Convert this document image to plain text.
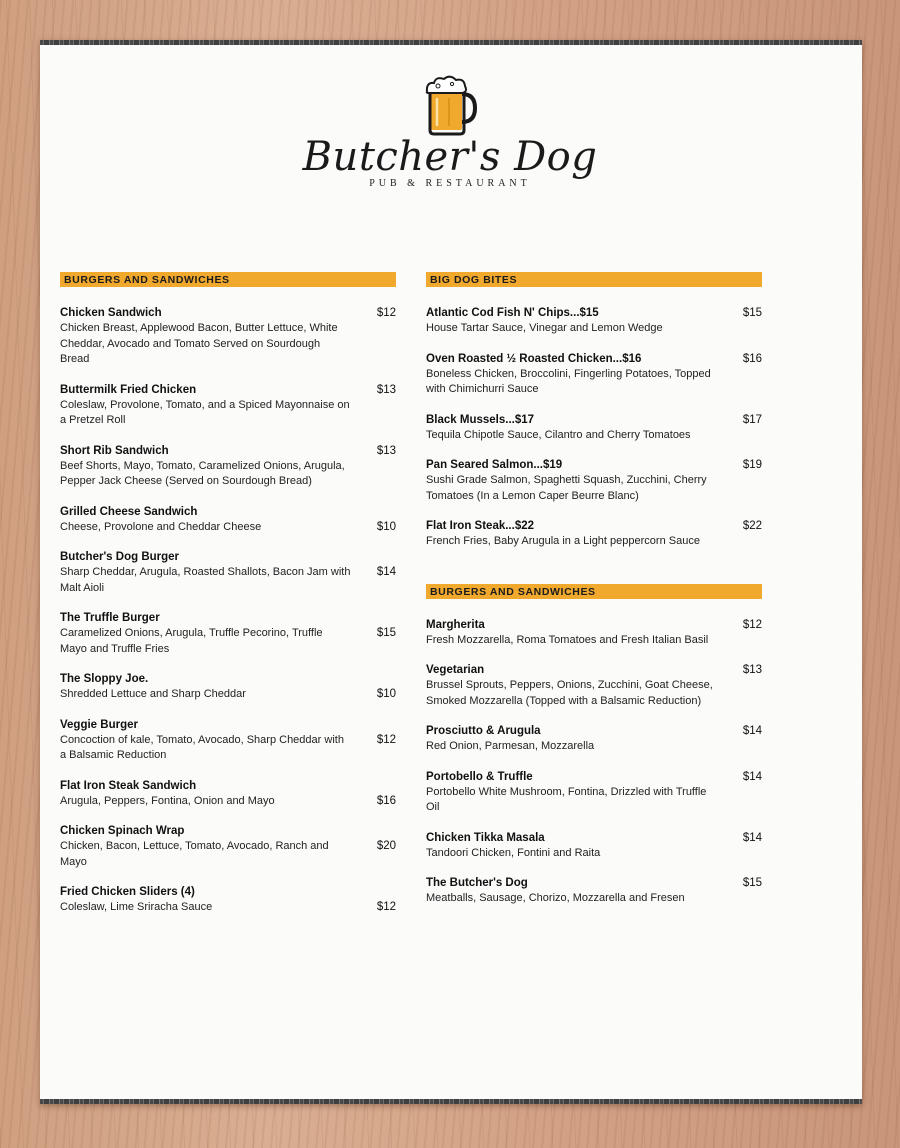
Butcher's Dog
PUB & RESTAURANT
BURGERS AND SANDWICHES
Chicken Sandwich
Chicken Breast, Applewood Bacon, Butter Lettuce, White Cheddar, Avocado and Tomato Served on Sourdough Bread
$12
Buttermilk Fried Chicken
Coleslaw, Provolone, Tomato, and a Spiced Mayonnaise on a Pretzel Roll
$13
Short Rib Sandwich
Beef Shorts, Mayo, Tomato, Caramelized Onions, Arugula, Pepper Jack Cheese (Served on Sourdough Bread)
$13
Grilled Cheese Sandwich
Cheese, Provolone and Cheddar Cheese	$10
Butcher's Dog Burger
Sharp Cheddar, Arugula, Roasted Shallots, Bacon Jam with Malt Aioli
$14
The Truffle Burger
Caramelized Onions, Arugula, Truffle Pecorino, Truffle Mayo and Truffle Fries
$15
The Sloppy Joe.
Shredded Lettuce and Sharp Cheddar	$10
Veggie Burger
Concoction of kale, Tomato, Avocado, Sharp Cheddar with a Balsamic Reduction
$12
Flat Iron Steak Sandwich
Arugula, Peppers, Fontina, Onion and Mayo	$16
Chicken Spinach Wrap
Chicken, Bacon, Lettuce, Tomato, Avocado, Ranch and Mayo
$20
Fried Chicken Sliders (4)
Coleslaw, Lime Sriracha Sauce	$12
BIG DOG BITES
Atlantic Cod Fish N' Chips...$15
House Tartar Sauce, Vinegar and Lemon Wedge
$15
Oven Roasted ½ Roasted Chicken...$16
Boneless Chicken, Broccolini, Fingerling Potatoes, Topped with Chimichurri Sauce
$16
Black Mussels...$17
Tequila Chipotle Sauce, Cilantro and Cherry Tomatoes
$17
Pan Seared Salmon...$19
Sushi Grade Salmon, Spaghetti Squash, Zucchini, Cherry Tomatoes (In a Lemon Caper Beurre Blanc)
$19
Flat Iron Steak...$22
French Fries, Baby Arugula in a Light peppercorn Sauce
$22
BURGERS AND SANDWICHES
Margherita
Fresh Mozzarella, Roma Tomatoes and Fresh Italian Basil
$12
Vegetarian
Brussel Sprouts, Peppers, Onions, Zucchini, Goat Cheese, Smoked Mozzarella (Topped with a Balsamic Reduction)
$13
Prosciutto & Arugula
Red Onion, Parmesan, Mozzarella
$14
Portobello & Truffle
Portobello White Mushroom, Fontina, Drizzled with Truffle Oil
$14
Chicken Tikka Masala
Tandoori Chicken, Fontini and Raita
$14
The Butcher's Dog
Meatballs, Sausage, Chorizo, Mozzarella and Fresen
$15
